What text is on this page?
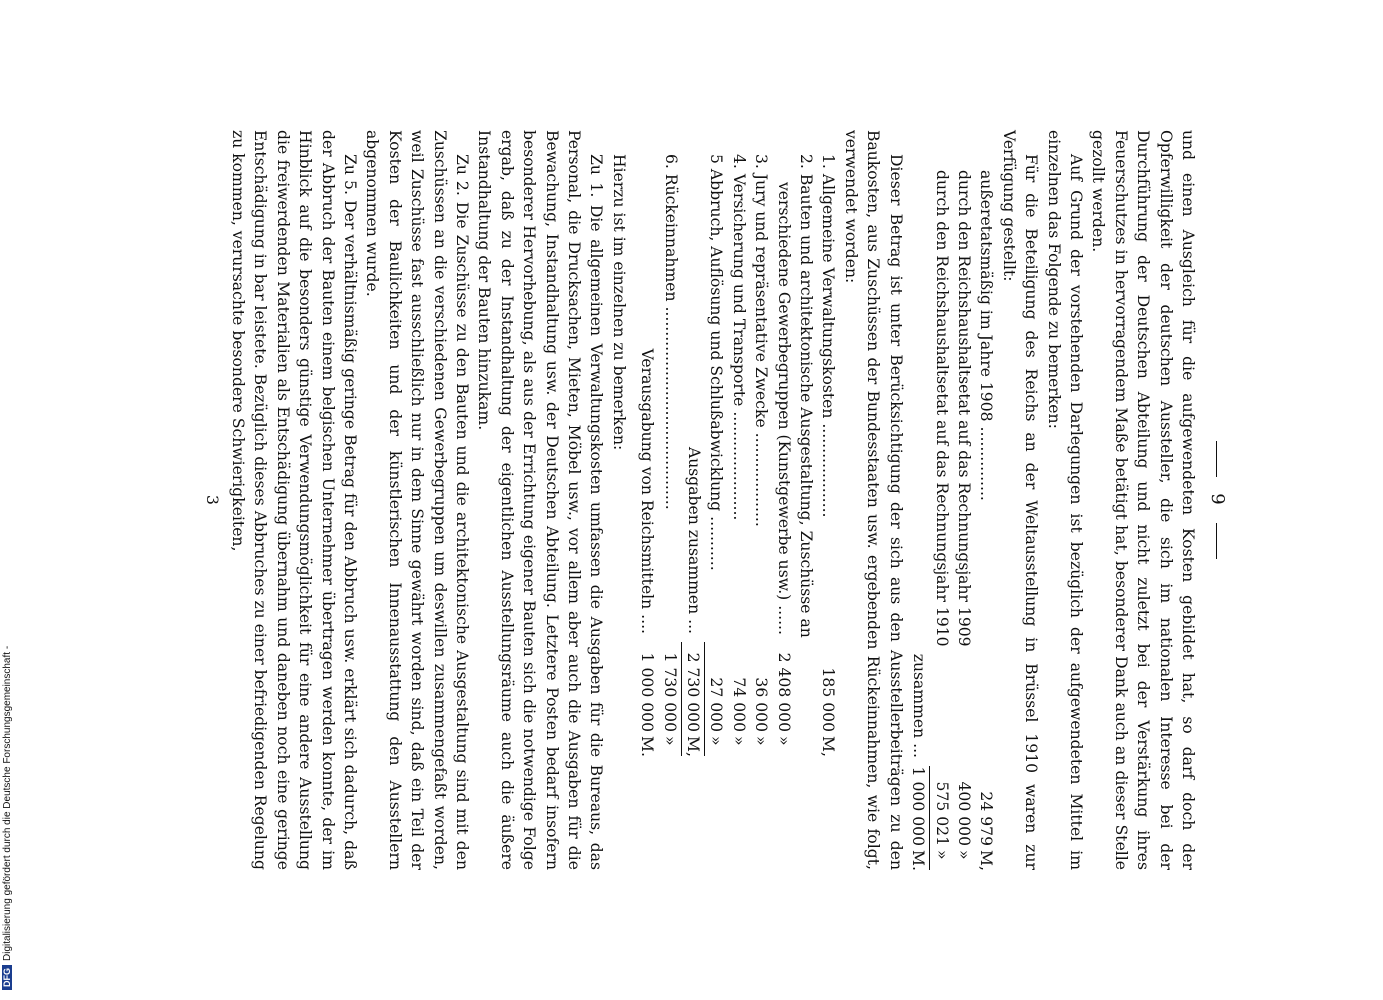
9

und einen Ausgleich für die aufgewendeten Kosten gebildet hat, so darf doch der Opferwilligkeit der deutschen Aussteller, die sich im nationalen Interesse bei der Durchführung der Deutschen Abteilung und nicht zuletzt bei der Verstärkung ihres Feuerschutzes in hervorragendem Maße betätigt hat, besonderer Dank auch an dieser Stelle gezollt werden.

Auf Grund der vorstehenden Darlegungen ist bezüglich der aufgewendeten Mittel im einzelnen das Folgende zu bemerken:

Für die Beteiligung des Reichs an der Weltausstellung in Brüssel 1910 waren zur Verfügung gestellt:

außeretatsmäßig im Jahre 1908 ...............
24 979
M,
durch den Reichshaushaltsetat auf das Rechnungsjahr 1909
400 000
»
durch den Reichshaushaltsetat auf das Rechnungsjahr 1910
575 021
»
zusammen ...
1 000 000
M.

Dieser Betrag ist unter Berücksichtigung der sich aus den Ausstellerbeiträgen zu den Baukosten, aus Zuschüssen der Bundesstaaten usw. ergebenden Rückeinnahmen, wie folgt, verwendet worden:

1. Allgemeine Verwaltungskosten ...................
185 000
M,
2. Bauten und architektonische Ausgestaltung, Zuschüsse an
verschiedene Gewerbegruppen (Kunstgewerbe usw.) ......
2 408 000
»
3. Jury und repräsentative Zwecke ...................
36 000
»
4. Versicherung und Transporte ......................
74 000
»
5 Abbruch, Auflösung und Schlußabwicklung ...........
27 000
»
Ausgaben zusammen ...
2 730 000
M,
6. Rückeinnahmen .........................................
1 730 000
»
Verausgabung von Reichsmitteln ....
1 000 000
M.

Hierzu ist im einzelnen zu bemerken:

Zu 1. Die allgemeinen Verwaltungskosten umfassen die Ausgaben für die Bureaus, das Personal, die Drucksachen, Mieten, Möbel usw., vor allem aber auch die Ausgaben für die Bewachung, Instandhaltung usw. der Deutschen Abteilung. Letztere Posten bedarf insofern besonderer Hervorhebung, als aus der Errichtung eigener Bauten sich die notwendige Folge ergab, daß zu der Instandhaltung der eigentlichen Ausstellungsräume auch die äußere Instandhaltung der Bauten hinzukam.

Zu 2. Die Zuschüsse zu den Bauten und die architektonische Ausgestaltung sind mit den Zuschüssen an die verschiedenen Gewerbegruppen um deswillen zusammengefaßt worden, weil Zuschüsse fast ausschließlich nur in dem Sinne gewährt worden sind, daß ein Teil der Kosten der Baulichkeiten und der künstlerischen Innenausstattung den Ausstellern abgenommen wurde.

Zu 5. Der verhältnismäßig geringe Betrag für den Abbruch usw. erklärt sich dadurch, daß der Abbruch der Bauten einem belgischen Unternehmer übertragen werden konnte, der im Hinblick auf die besonders günstige Verwendungsmöglichkeit für eine andere Ausstellung die freiwerdenden Materialien als Entschädigung übernahm und daneben noch eine geringe Entschädigung in bar leistete. Bezüglich dieses Abbruches zu einer befriedigenden Regelung zu kommen, verursachte besondere Schwierigkeiten,

3
DFGDigitalisierung gefördert durch die Deutsche Forschungsgemeinschaft -
